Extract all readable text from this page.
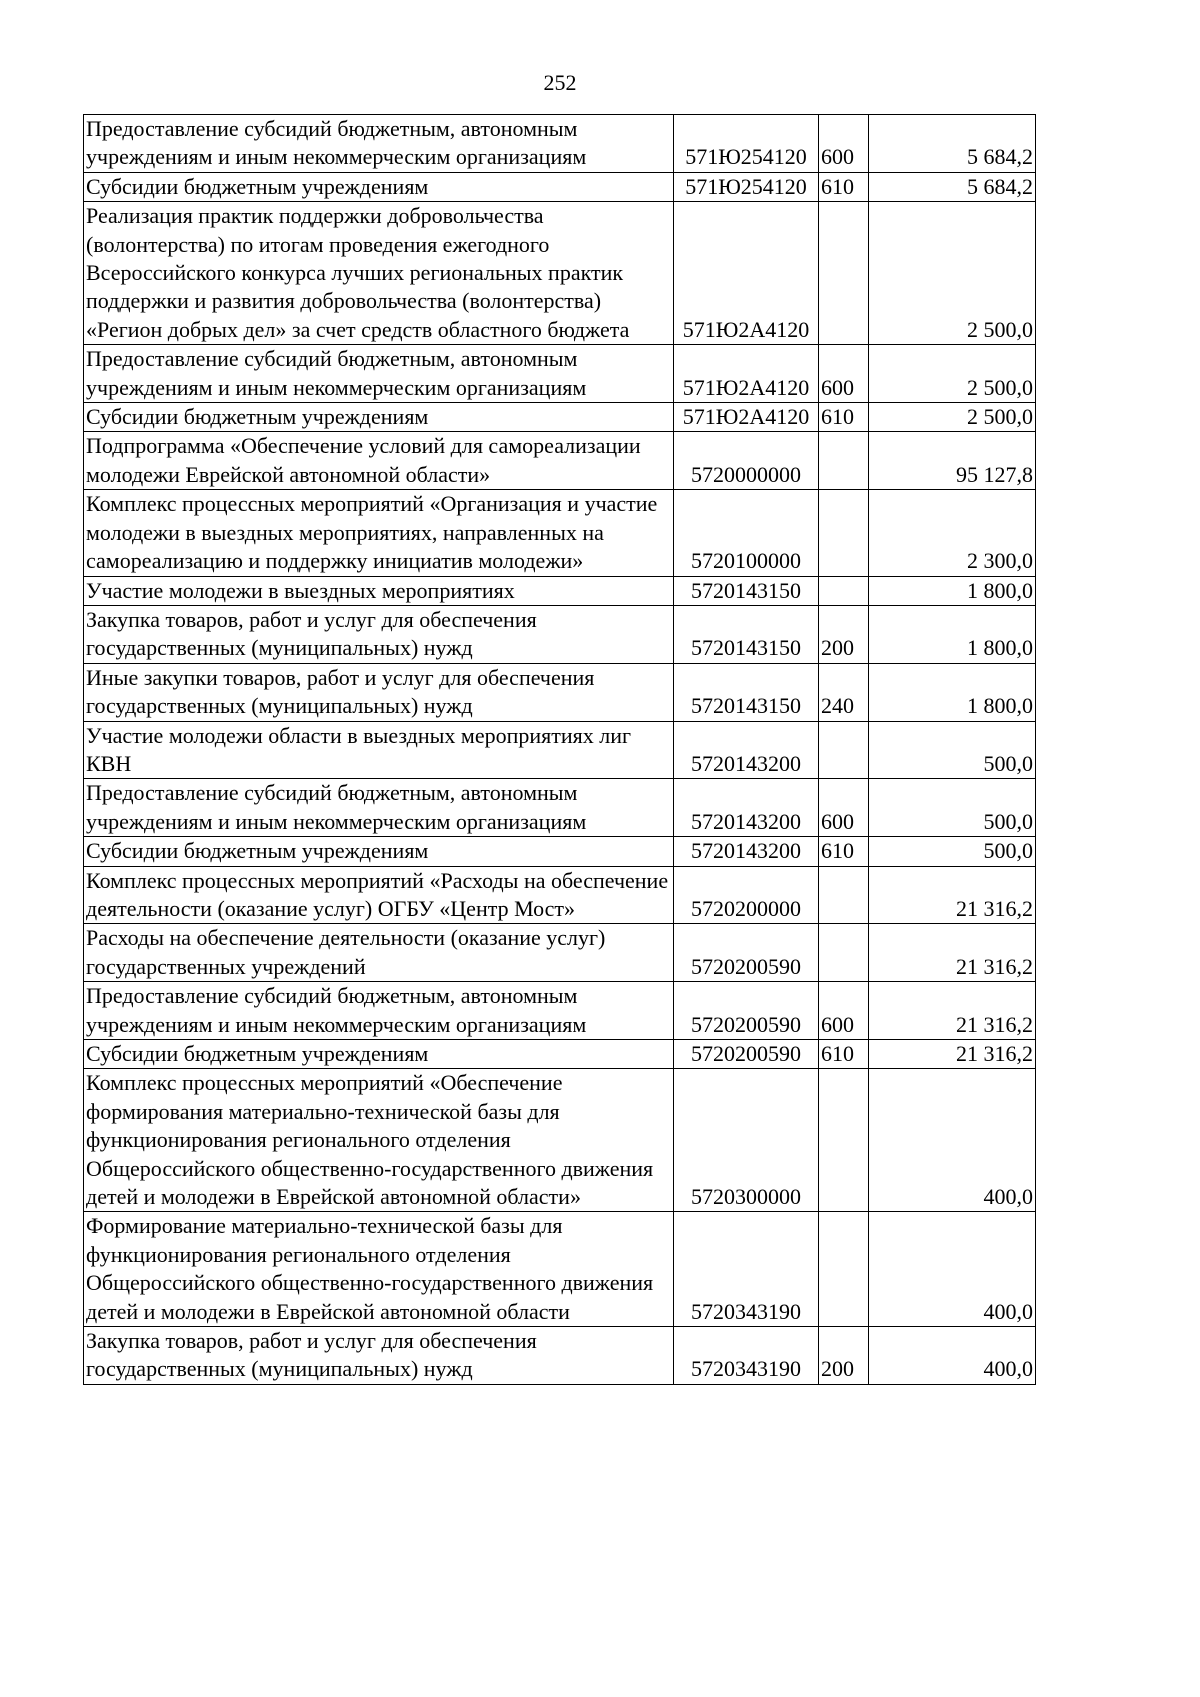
252
Предоставление субсидий бюджетным, автономным учреждениям и иным некоммерческим организациям	571Ю254120	600	5 684,2
Субсидии бюджетным учреждениям	571Ю254120	610	5 684,2
Реализация практик поддержки добровольчества (волонтерства) по итогам проведения ежегодного Всероссийского конкурса лучших региональных практик поддержки и развития добровольчества (волонтерства) «Регион добрых дел» за счет средств областного бюджета	571Ю2А4120		2 500,0
Предоставление субсидий бюджетным, автономным учреждениям и иным некоммерческим организациям	571Ю2А4120	600	2 500,0
Субсидии бюджетным учреждениям	571Ю2А4120	610	2 500,0
Подпрограмма «Обеспечение условий для самореализации молодежи Еврейской автономной области»	5720000000		95 127,8
Комплекс процессных мероприятий «Организация и участие молодежи в выездных мероприятиях, направленных на самореализацию и поддержку инициатив молодежи»	5720100000		2 300,0
Участие молодежи в выездных мероприятиях	5720143150		1 800,0
Закупка товаров, работ и услуг для обеспечения государственных (муниципальных) нужд	5720143150	200	1 800,0
Иные закупки товаров, работ и услуг для обеспечения государственных (муниципальных) нужд	5720143150	240	1 800,0
Участие молодежи области в выездных мероприятиях лиг КВН	5720143200		500,0
Предоставление субсидий бюджетным, автономным учреждениям и иным некоммерческим организациям	5720143200	600	500,0
Субсидии бюджетным учреждениям	5720143200	610	500,0
Комплекс процессных мероприятий «Расходы на обеспечение деятельности (оказание услуг) ОГБУ «Центр Мост»	5720200000		21 316,2
Расходы на обеспечение деятельности (оказание услуг) государственных учреждений	5720200590		21 316,2
Предоставление субсидий бюджетным, автономным учреждениям и иным некоммерческим организациям	5720200590	600	21 316,2
Субсидии бюджетным учреждениям	5720200590	610	21 316,2
Комплекс процессных мероприятий «Обеспечение формирования материально-технической базы для функционирования регионального отделения Общероссийского общественно-государственного движения детей и молодежи в Еврейской автономной области»	5720300000		400,0
Формирование материально-технической базы для функционирования регионального отделения Общероссийского общественно-государственного движения детей и молодежи в Еврейской автономной области	5720343190		400,0
Закупка товаров, работ и услуг для обеспечения государственных (муниципальных) нужд	5720343190	200	400,0
